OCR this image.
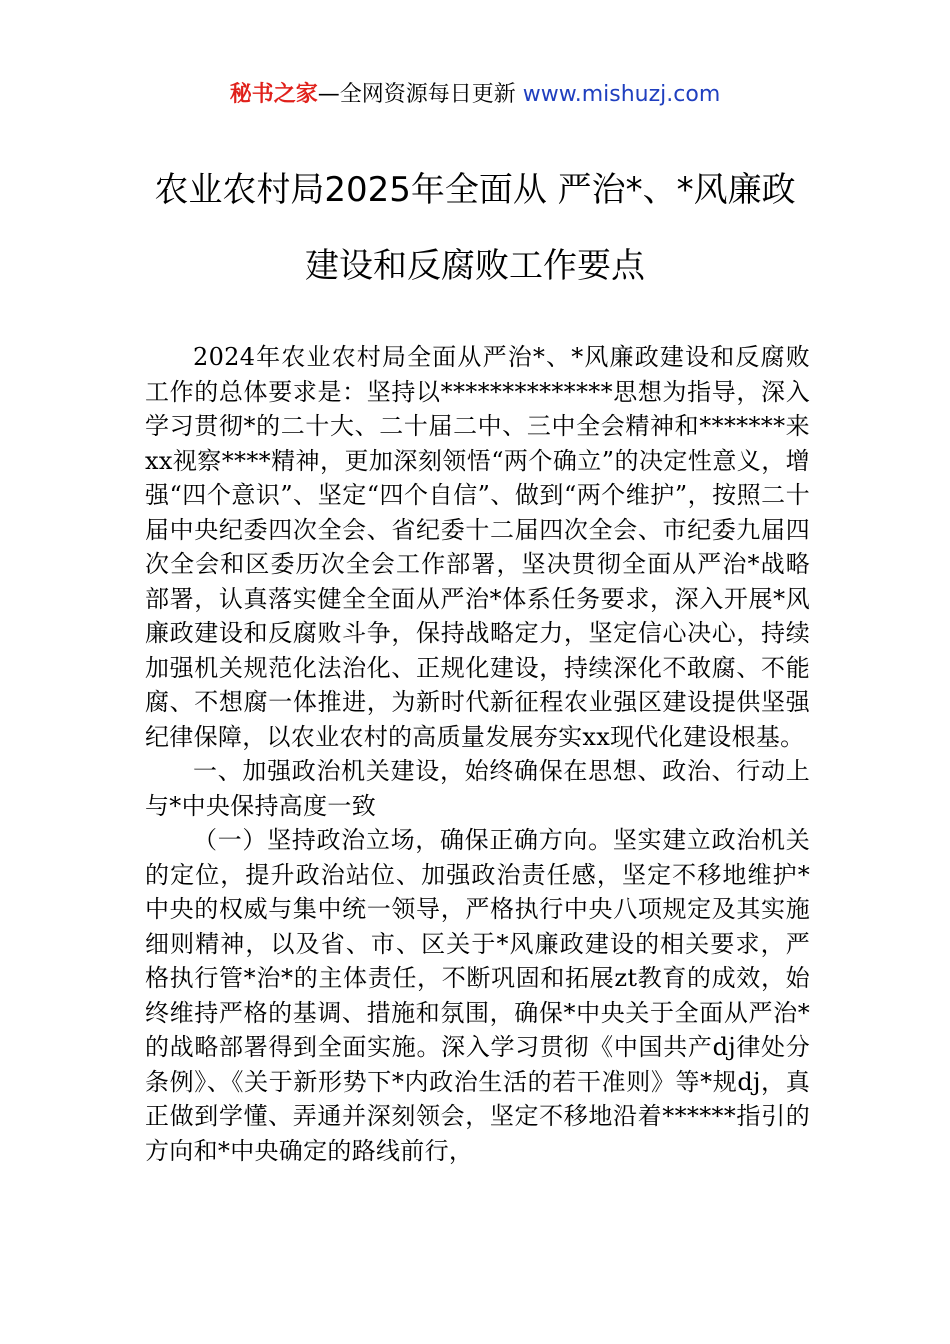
秘书之家—全网资源每日更新 www.mishuzj.com
农业农村局2025年全面从 严治*、*风廉政
建设和反腐败工作要点

2024年农业农村局全面从严治*、*风廉政建设和反腐败工作的总体要求是：坚持以**************思想为指导，深入学习贯彻*的二十大、二十届二中、三中全会精神和*******来xx视察****精神，更加深刻领悟“两个确立”的决定性意义，增强“四个意识”、坚定“四个自信”、做到“两个维护”，按照二十届中央纪委四次全会、省纪委十二届四次全会、市纪委九届四次全会和区委历次全会工作部署，坚决贯彻全面从严治*战略部署，认真落实健全全面从严治*体系任务要求，深入开展*风廉政建设和反腐败斗争，保持战略定力，坚定信心决心，持续加强机关规范化法治化、正规化建设，持续深化不敢腐、不能腐、不想腐一体推进，为新时代新征程农业强区建设提供坚强纪律保障，以农业农村的高质量发展夯实xx现代化建设根基。

一、加强政治机关建设，始终确保在思想、政治、行动上与*中央保持高度一致

（一）坚持政治立场，确保正确方向。坚实建立政治机关的定位，提升政治站位、加强政治责任感，坚定不移地维护*中央的权威与集中统一领导，严格执行中央八项规定及其实施细则精神，以及省、市、区关于*风廉政建设的相关要求，严格执行管*治*的主体责任，不断巩固和拓展zt教育的成效，始终维持严格的基调、措施和氛围，确保*中央关于全面从严治*的战略部署得到全面实施。深入学习贯彻《中国共产dj律处分条例》、《关于新形势下*内政治生活的若干准则》等*规dj，真正做到学懂、弄通并深刻领会，坚定不移地沿着******指引的方向和*中央确定的路线前行，
